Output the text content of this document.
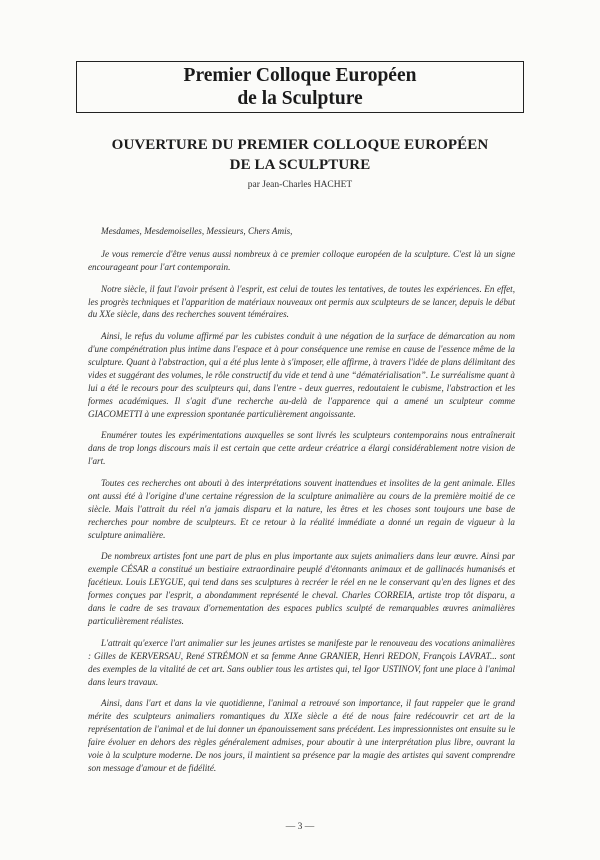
Premier Colloque Européen
de la Sculpture
OUVERTURE DU PREMIER COLLOQUE EUROPÉEN
DE LA SCULPTURE
par Jean-Charles HACHET

Mesdames, Mesdemoiselles, Messieurs, Chers Amis,

Je vous remercie d'être venus aussi nombreux à ce premier colloque européen de la sculpture. C'est là un signe encourageant pour l'art contemporain.

Notre siècle, il faut l'avoir présent à l'esprit, est celui de toutes les tentatives, de toutes les expériences. En effet, les progrès techniques et l'apparition de matériaux nouveaux ont permis aux sculpteurs de se lancer, depuis le début du XXe siècle, dans des recherches souvent téméraires.

Ainsi, le refus du volume affirmé par les cubistes conduit à une négation de la surface de démarcation au nom d'une compénétration plus intime dans l'espace et à pour conséquence une remise en cause de l'essence même de la sculpture. Quant à l'abstraction, qui a été plus lente à s'imposer, elle affirme, à travers l'idée de plans délimitant des vides et suggérant des volumes, le rôle constructif du vide et tend à une “dématérialisation”. Le surréalisme quant à lui a été le recours pour des sculpteurs qui, dans l'entre - deux guerres, redoutaient le cubisme, l'abstraction et les formes académiques. Il s'agit d'une recherche au-delà de l'apparence qui a amené un sculpteur comme GIACOMETTI à une expression spontanée particulièrement angoissante.

Enumérer toutes les expérimentations auxquelles se sont livrés les sculpteurs contemporains nous entraînerait dans de trop longs discours mais il est certain que cette ardeur créatrice a élargi considérablement notre vision de l'art.

Toutes ces recherches ont abouti à des interprétations souvent inattendues et insolites de la gent animale. Elles ont aussi été à l'origine d'une certaine régression de la sculpture animalière au cours de la première moitié de ce siècle. Mais l'attrait du réel n'a jamais disparu et la nature, les êtres et les choses sont toujours une base de recherches pour nombre de sculpteurs. Et ce retour à la réalité immédiate a donné un regain de vigueur à la sculpture animalière.

De nombreux artistes font une part de plus en plus importante aux sujets animaliers dans leur œuvre. Ainsi par exemple CÉSAR a constitué un bestiaire extraordinaire peuplé d'étonnants animaux et de gallinacés humanisés et facétieux. Louis LEYGUE, qui tend dans ses sculptures à recréer le réel en ne le conservant qu'en des lignes et des formes conçues par l'esprit, a abondamment représenté le cheval. Charles CORREIA, artiste trop tôt disparu, a dans le cadre de ses travaux d'ornementation des espaces publics sculpté de remarquables œuvres animalières particulièrement réalistes.

L'attrait qu'exerce l'art animalier sur les jeunes artistes se manifeste par le renouveau des vocations animalières : Gilles de KERVERSAU, René STRÉMON et sa femme Anne GRANIER, Henri REDON, François LAVRAT... sont des exemples de la vitalité de cet art. Sans oublier tous les artistes qui, tel Igor USTINOV, font une place à l'animal dans leurs travaux.

Ainsi, dans l'art et dans la vie quotidienne, l'animal a retrouvé son importance, il faut rappeler que le grand mérite des sculpteurs animaliers romantiques du XIXe siècle a été de nous faire redécouvrir cet art de la représentation de l'animal et de lui donner un épanouissement sans précédent. Les impressionnistes ont ensuite su le faire évoluer en dehors des règles généralement admises, pour aboutir à une interprétation plus libre, ouvrant la voie à la sculpture moderne. De nos jours, il maintient sa présence par la magie des artistes qui savent comprendre son message d'amour et de fidélité.

— 3 —
